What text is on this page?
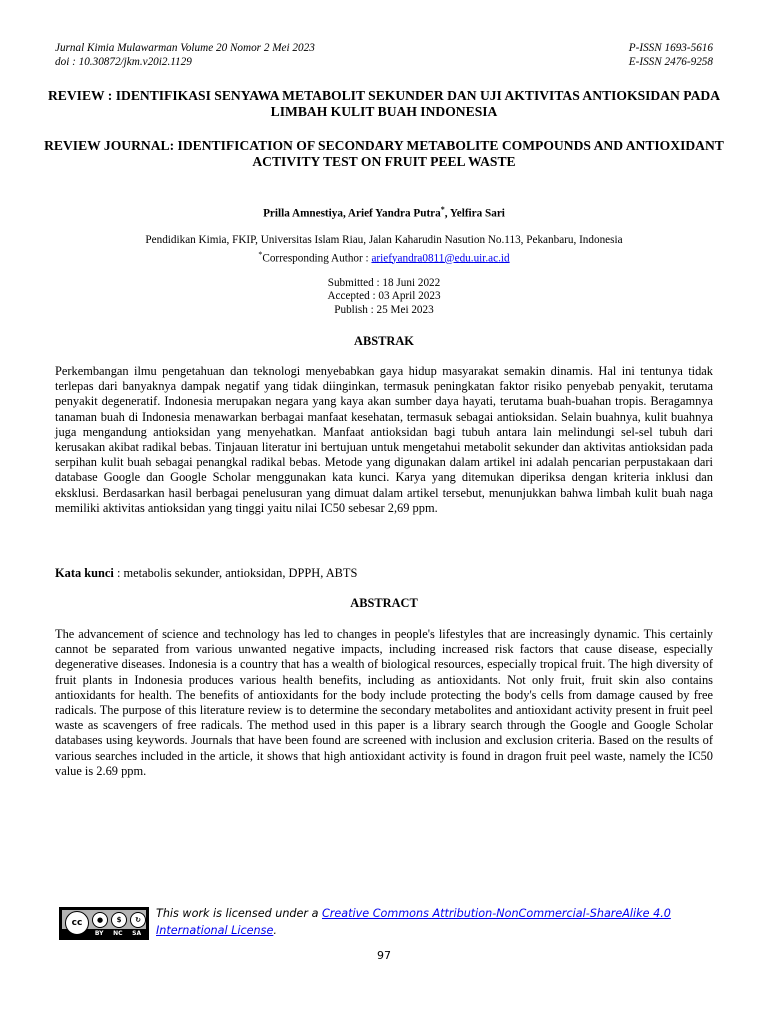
Jurnal Kimia Mulawarman Volume 20 Nomor 2 Mei 2023	P-ISSN 1693-5616
doi : 10.30872/jkm.v20i2.1129	E-ISSN 2476-9258
REVIEW : IDENTIFIKASI SENYAWA METABOLIT SEKUNDER DAN UJI AKTIVITAS ANTIOKSIDAN PADA LIMBAH KULIT BUAH INDONESIA
REVIEW JOURNAL: IDENTIFICATION OF SECONDARY METABOLITE COMPOUNDS AND ANTIOXIDANT ACTIVITY TEST ON FRUIT PEEL WASTE
Prilla Amnestiya, Arief Yandra Putra*, Yelfira Sari
Pendidikan Kimia, FKIP, Universitas Islam Riau, Jalan Kaharudin Nasution No.113, Pekanbaru, Indonesia
*Corresponding Author : ariefyandra0811@edu.uir.ac.id
Submitted : 18 Juni 2022
Accepted : 03 April 2023
Publish : 25 Mei 2023
ABSTRAK
Perkembangan ilmu pengetahuan dan teknologi menyebabkan gaya hidup masyarakat semakin dinamis. Hal ini tentunya tidak terlepas dari banyaknya dampak negatif yang tidak diinginkan, termasuk peningkatan faktor risiko penyebab penyakit, terutama penyakit degeneratif. Indonesia merupakan negara yang kaya akan sumber daya hayati, terutama buah-buahan tropis. Beragamnya tanaman buah di Indonesia menawarkan berbagai manfaat kesehatan, termasuk sebagai antioksidan. Selain buahnya, kulit buahnya juga mengandung antioksidan yang menyehatkan. Manfaat antioksidan bagi tubuh antara lain melindungi sel-sel tubuh dari kerusakan akibat radikal bebas. Tinjauan literatur ini bertujuan untuk mengetahui metabolit sekunder dan aktivitas antioksidan pada serpihan kulit buah sebagai penangkal radikal bebas. Metode yang digunakan dalam artikel ini adalah pencarian perpustakaan dari database Google dan Google Scholar menggunakan kata kunci. Karya yang ditemukan diperiksa dengan kriteria inklusi dan eksklusi. Berdasarkan hasil berbagai penelusuran yang dimuat dalam artikel tersebut, menunjukkan bahwa limbah kulit buah naga memiliki aktivitas antioksidan yang tinggi yaitu nilai IC50 sebesar 2,69 ppm.
Kata kunci : metabolis sekunder, antioksidan, DPPH, ABTS
ABSTRACT
The advancement of science and technology has led to changes in people's lifestyles that are increasingly dynamic. This certainly cannot be separated from various unwanted negative impacts, including increased risk factors that cause disease, especially degenerative diseases. Indonesia is a country that has a wealth of biological resources, especially tropical fruit. The high diversity of fruit plants in Indonesia produces various health benefits, including as antioxidants. Not only fruit, fruit skin also contains antioxidants for health. The benefits of antioxidants for the body include protecting the body's cells from damage caused by free radicals. The purpose of this literature review is to determine the secondary metabolites and antioxidant activity present in fruit peel waste as scavengers of free radicals. The method used in this paper is a library search through the Google and Google Scholar databases using keywords. Journals that have been found are screened with inclusion and exclusion criteria. Based on the results of various searches included in the article, it shows that high antioxidant activity is found in dragon fruit peel waste, namely the IC50 value is 2.69 ppm.
cc	●	$	↻
BY NC SA
This work is licensed under a Creative Commons Attribution-NonCommercial-ShareAlike 4.0 International License.
97
